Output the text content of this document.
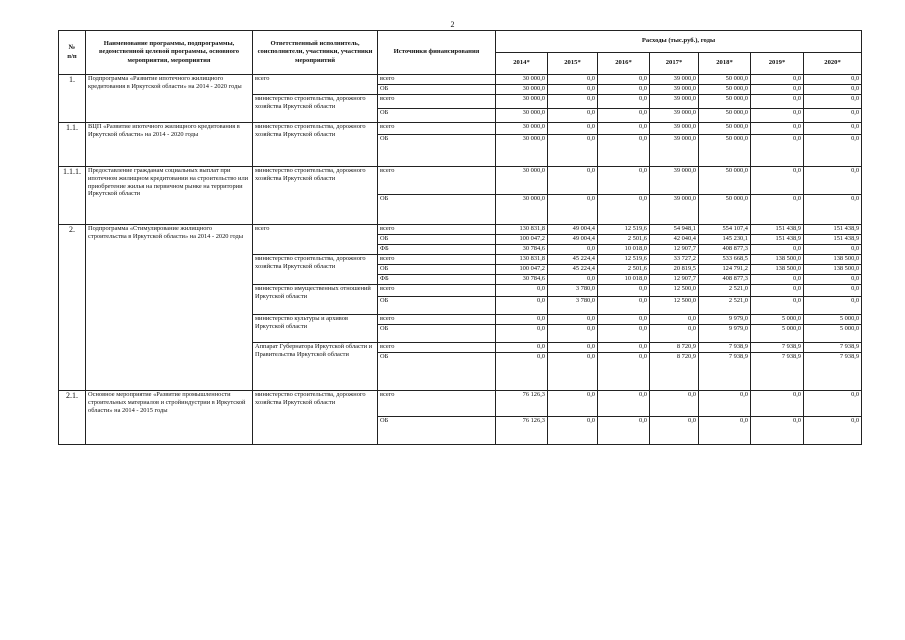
2
№
п/п	Наименование программы, подпрограммы, ведомственной целевой программы, основного мероприятия, мероприятия	Ответственный исполнитель, соисполнители, участники, участники мероприятий	Источники финансирования	Расходы (тыс.руб.), годы						
				2014*	2015*	2016*	2017*	2018*	2019*	2020*
1.	Подпрограмма «Развитие ипотечного жилищного кредитования в Иркутской области» на 2014 - 2020 годы	всего	всего	30 000,0	0,0	0,0	39 000,0	50 000,0	0,0	0,0
			ОБ	30 000,0	0,0	0,0	39 000,0	50 000,0	0,0	0,0
		министерство строительства, дорожного хозяйства Иркутской области	всего	30 000,0	0,0	0,0	39 000,0	50 000,0	0,0	0,0
			ОБ	30 000,0	0,0	0,0	39 000,0	50 000,0	0,0	0,0
1.1.	ВЦП «Развитие ипотечного жилищного кредитования в Иркутской области» на 2014 - 2020 годы	министерство строительства, дорожного хозяйства Иркутской области	всего	30 000,0	0,0	0,0	39 000,0	50 000,0	0,0	0,0
			ОБ	30 000,0	0,0	0,0	39 000,0	50 000,0	0,0	0,0
1.1.1.	Предоставление гражданам социальных выплат при ипотечном жилищном кредитовании на строительство или приобретение жилья на первичном рынке на территории Иркутской области	министерство строительства, дорожного хозяйства Иркутской области	всего	30 000,0	0,0	0,0	39 000,0	50 000,0	0,0	0,0
			ОБ	30 000,0	0,0	0,0	39 000,0	50 000,0	0,0	0,0
2.	Подпрограмма «Стимулирование жилищного строительства в Иркутской области» на 2014 - 2020 годы	всего	всего	130 831,8	49 004,4	12 519,6	54 948,1	554 107,4	151 438,9	151 438,9
			ОБ	100 047,2	49 004,4	2 501,6	42 040,4	145 230,1	151 438,9	151 438,9
			ФБ	30 784,6	0,0	10 018,0	12 907,7	408 877,3	0,0	0,0
		министерство строительства, дорожного хозяйства Иркутской области	всего	130 831,8	45 224,4	12 519,6	33 727,2	533 668,5	138 500,0	138 500,0
			ОБ	100 047,2	45 224,4	2 501,6	20 819,5	124 791,2	138 500,0	138 500,0
			ФБ	30 784,6	0,0	10 018,0	12 907,7	408 877,3	0,0	0,0
		министерство имущественных отношений Иркутской области	всего	0,0	3 780,0	0,0	12 500,0	2 521,0	0,0	0,0
			ОБ	0,0	3 780,0	0,0	12 500,0	2 521,0	0,0	0,0
		министерство культуры и архивов Иркутской области	всего	0,0	0,0	0,0	0,0	9 979,0	5 000,0	5 000,0
			ОБ	0,0	0,0	0,0	0,0	9 979,0	5 000,0	5 000,0
		Аппарат Губернатора Иркутской области и Правительства Иркутской области	всего	0,0	0,0	0,0	8 720,9	7 938,9	7 938,9	7 938,9
			ОБ	0,0	0,0	0,0	8 720,9	7 938,9	7 938,9	7 938,9
2.1.	Основное мероприятие «Развитие промышленности строительных материалов и стройиндустрии в Иркутской области» на 2014 - 2015 годы	министерство строительства, дорожного хозяйства Иркутской области	всего	76 126,3	0,0	0,0	0,0	0,0	0,0	0,0
			ОБ	76 126,3	0,0	0,0	0,0	0,0	0,0	0,0
